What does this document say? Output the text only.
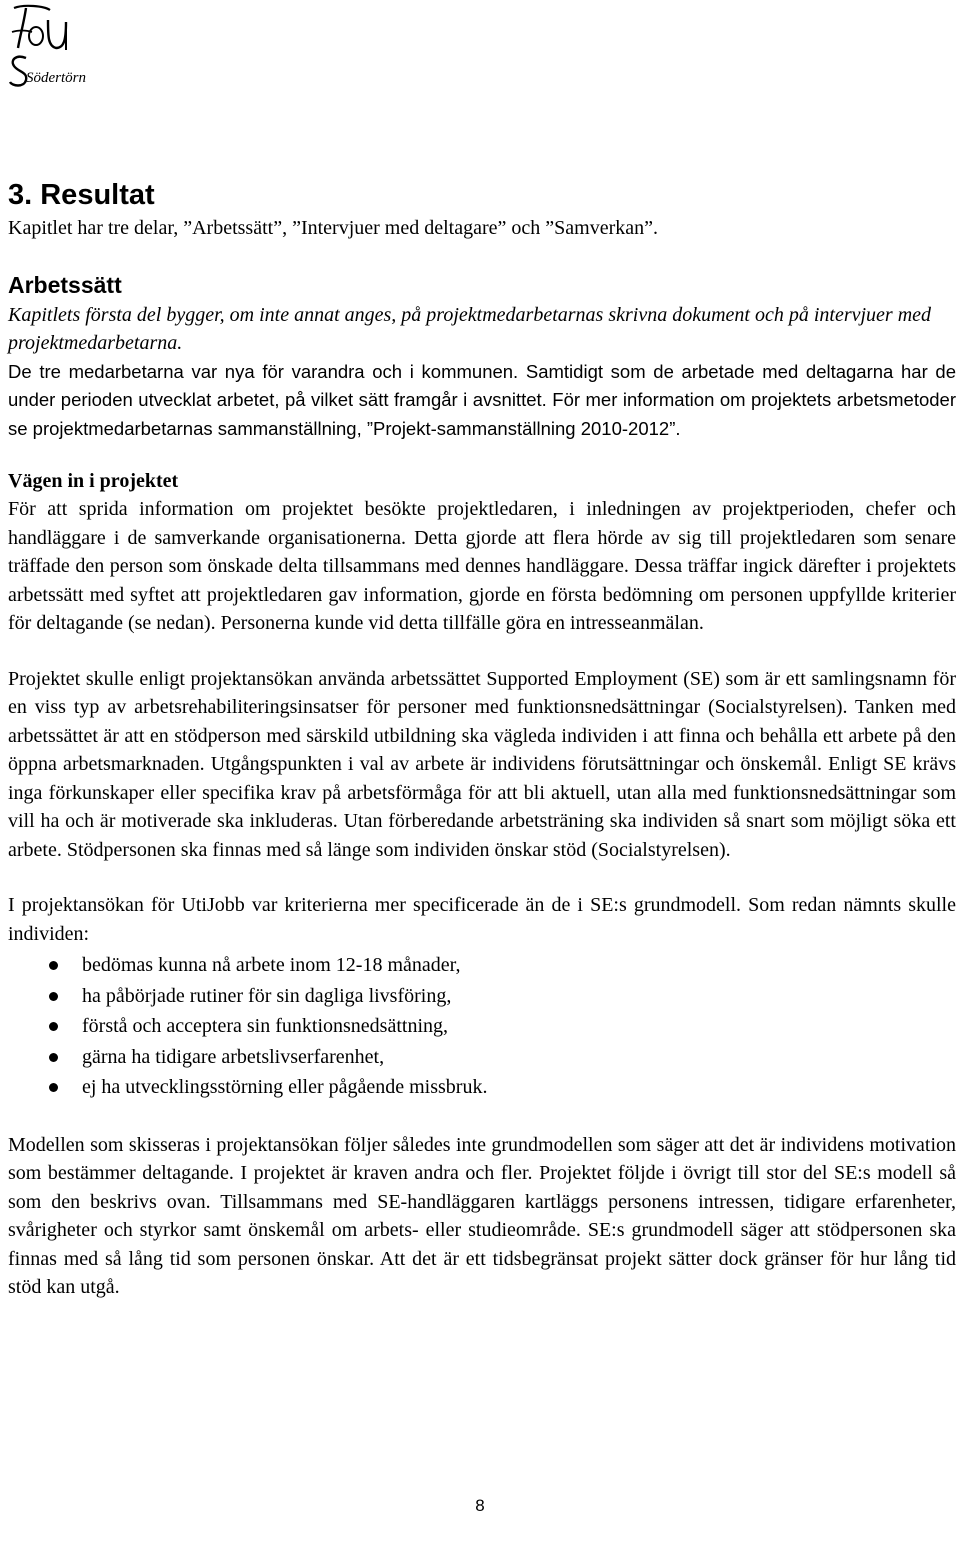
Södertörn
3. Resultat

Kapitlet har tre delar, ”Arbetssätt”, ”Intervjuer med deltagare” och ”Samverkan”.

Arbetssätt

Kapitlets första del bygger, om inte annat anges, på projektmedarbetarnas skrivna dokument och på intervjuer med projektmedarbetarna.

De tre medarbetarna var nya för varandra och i kommunen. Samtidigt som de arbetade med deltagarna har de under perioden utvecklat arbetet, på vilket sätt framgår i avsnittet. För mer information om projektets arbetsmetoder se projektmedarbetarnas sammanställning, ”Projekt-sammanställning 2010-2012”.

Vägen in i projektet

För att sprida information om projektet besökte projektledaren, i inledningen av projektperioden, chefer och handläggare i de samverkande organisationerna. Detta gjorde att flera hörde av sig till projektledaren som senare träffade den person som önskade delta tillsammans med dennes handläggare. Dessa träffar ingick därefter i projektets arbetssätt med syftet att projektledaren gav information, gjorde en första bedömning om personen uppfyllde kriterier för deltagande (se nedan). Personerna kunde vid detta tillfälle göra en intresseanmälan.

Projektet skulle enligt projektansökan använda arbetssättet Supported Employment (SE) som är ett samlingsnamn för en viss typ av arbetsrehabiliteringsinsatser för personer med funktionsnedsättningar (Socialstyrelsen). Tanken med arbetssättet är att en stödperson med särskild utbildning ska vägleda individen i att finna och behålla ett arbete på den öppna arbetsmarknaden. Utgångspunkten i val av arbete är individens förutsättningar och önskemål. Enligt SE krävs inga förkunskaper eller specifika krav på arbetsförmåga för att bli aktuell, utan alla med funktionsnedsättningar som vill ha och är motiverade ska inkluderas. Utan förberedande arbetsträning ska individen så snart som möjligt söka ett arbete. Stödpersonen ska finnas med så länge som individen önskar stöd (Socialstyrelsen).

I projektansökan för UtiJobb var kriterierna mer specificerade än de i SE:s grundmodell. Som redan nämnts skulle individen:

bedömas kunna nå arbete inom 12-18 månader,
ha påbörjade rutiner för sin dagliga livsföring,
förstå och acceptera sin funktionsnedsättning,
gärna ha tidigare arbetslivserfarenhet,
ej ha utvecklingsstörning eller pågående missbruk.

Modellen som skisseras i projektansökan följer således inte grundmodellen som säger att det är individens motivation som bestämmer deltagande. I projektet är kraven andra och fler. Projektet följde i övrigt till stor del SE:s modell så som den beskrivs ovan. Tillsammans med SE-handläggaren kartläggs personens intressen, tidigare erfarenheter, svårigheter och styrkor samt önskemål om arbets- eller studieområde. SE:s grundmodell säger att stödpersonen ska finnas med så lång tid som personen önskar. Att det är ett tidsbegränsat projekt sätter dock gränser för hur lång tid stöd kan utgå.

8
